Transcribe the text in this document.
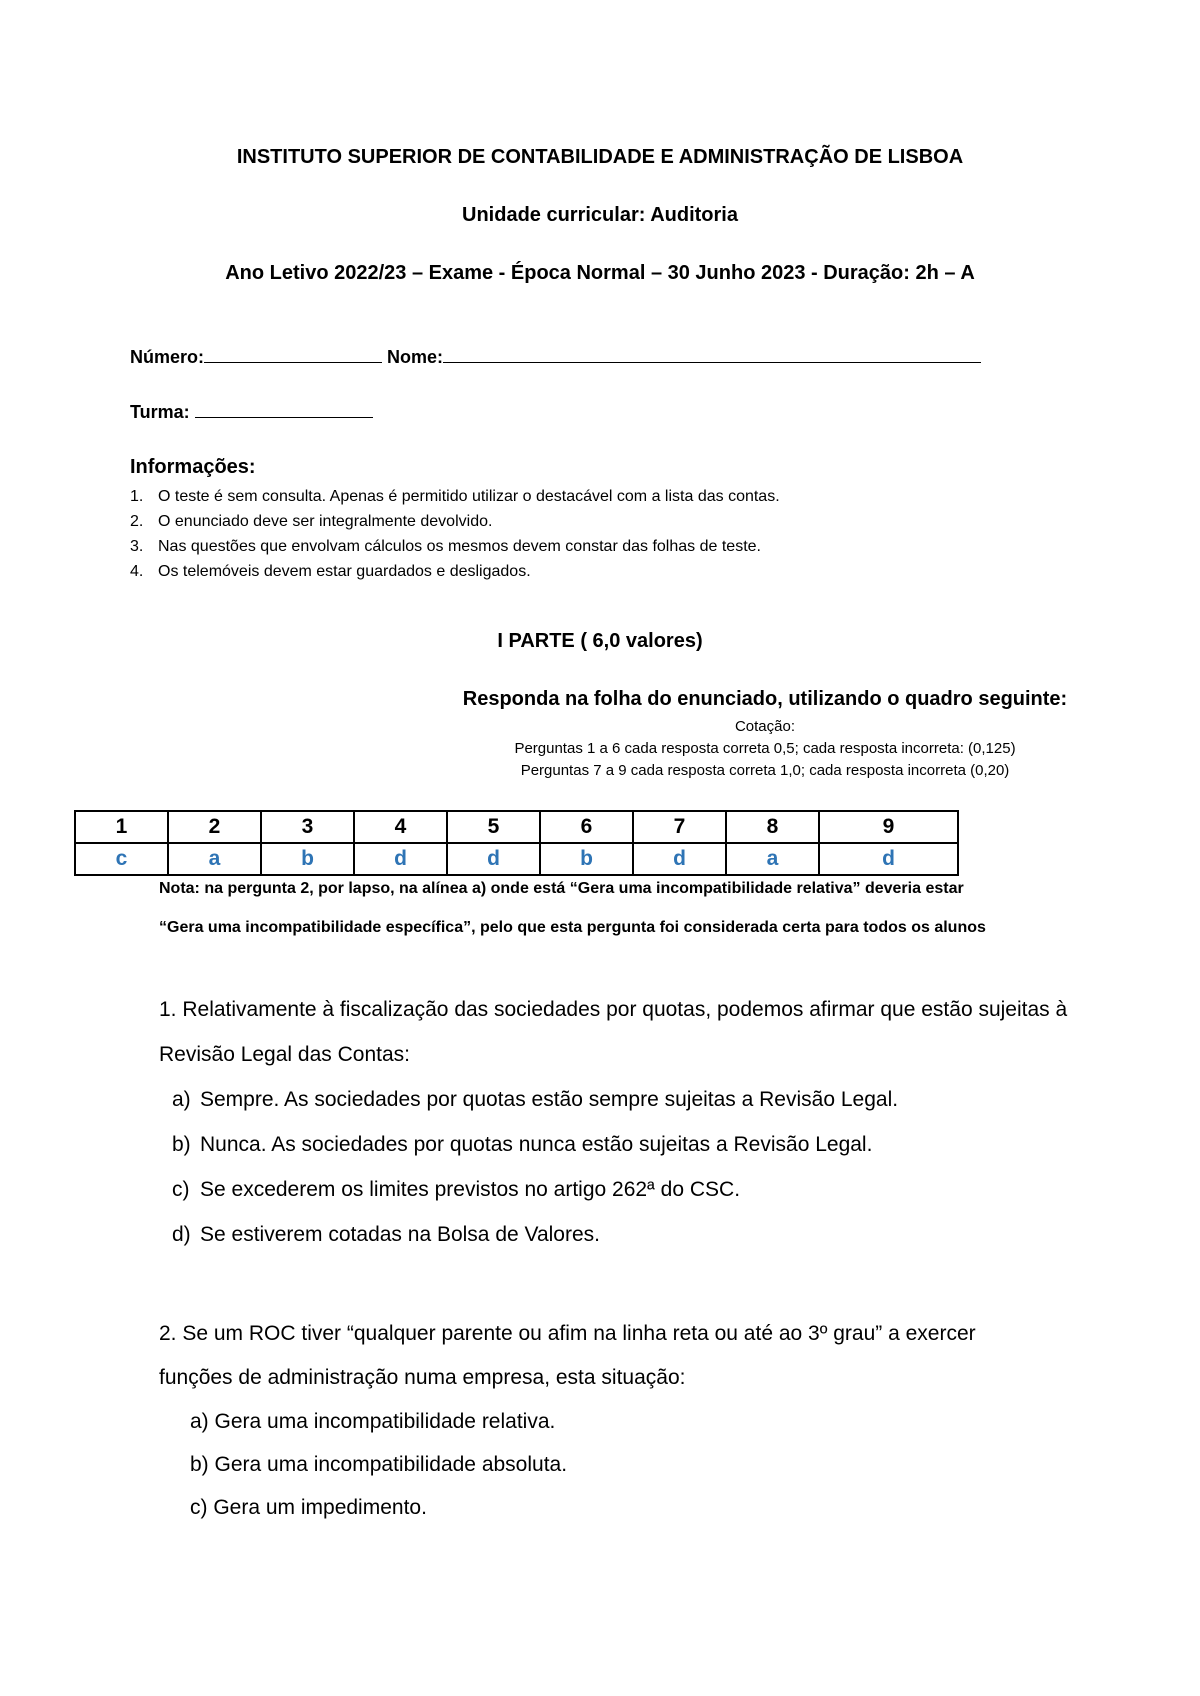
INSTITUTO SUPERIOR DE CONTABILIDADE E ADMINISTRAÇÃO DE LISBOA
Unidade curricular: Auditoria
Ano Letivo 2022/23 – Exame - Época Normal – 30 Junho 2023 - Duração: 2h – A
Número:	Nome:
Turma:
Informações:
1. O teste é sem consulta. Apenas é permitido utilizar o destacável com a lista das contas.
2. O enunciado deve ser integralmente devolvido.
3. Nas questões que envolvam cálculos os mesmos devem constar das folhas de teste.
4. Os telemóveis devem estar guardados e desligados.
I PARTE ( 6,0 valores)
Responda na folha do enunciado, utilizando o quadro seguinte:
Cotação:
Perguntas 1 a 6 cada resposta correta 0,5; cada resposta incorreta: (0,125)
Perguntas 7 a 9 cada resposta correta 1,0; cada resposta incorreta (0,20)
1	2	3	4	5	6	7	8	9
c	a	b	d	d	b	d	a	d
Nota: na pergunta 2, por lapso, na alínea a) onde está “Gera uma incompatibilidade relativa” deveria estar
“Gera uma incompatibilidade específica”, pelo que esta pergunta foi considerada certa para todos os alunos
1. Relativamente à fiscalização das sociedades por quotas, podemos afirmar que estão sujeitas à
Revisão Legal das Contas:
a) Sempre. As sociedades por quotas estão sempre sujeitas a Revisão Legal.
b) Nunca. As sociedades por quotas nunca estão sujeitas a Revisão Legal.
c) Se excederem os limites previstos no artigo 262ª do CSC.
d) Se estiverem cotadas na Bolsa de Valores.
2. Se um ROC tiver “qualquer parente ou afim na linha reta ou até ao 3º grau” a exercer
funções de administração numa empresa, esta situação:
a) Gera uma incompatibilidade relativa.
b) Gera uma incompatibilidade absoluta.
c) Gera um impedimento.
